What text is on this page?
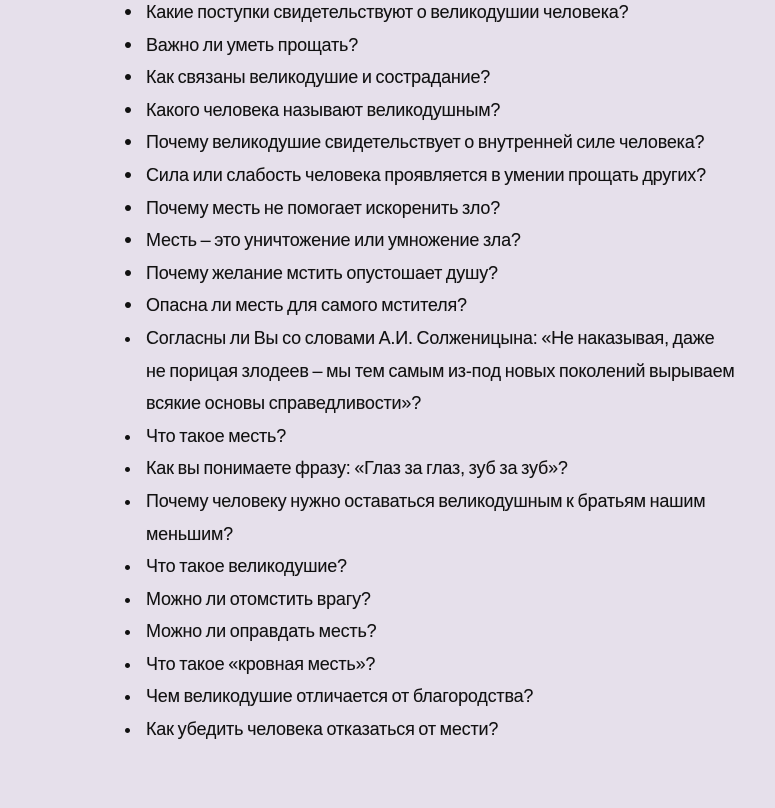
Какие поступки свидетельствуют о великодушии человека?
Важно ли уметь прощать?
Как связаны великодушие и сострадание?
Какого человека называют великодушным?
Почему великодушие свидетельствует о внутренней силе человека?
Сила или слабость человека проявляется в умении прощать других?
Почему месть не помогает искоренить зло?
Месть – это уничтожение или умножение зла?
Почему желание мстить опустошает душу?
Опасна ли месть для самого мстителя?
Согласны ли Вы со словами А.И. Солженицына: «Не наказывая, даже не порицая злодеев – мы тем самым из-под новых поколений вырываем всякие основы справедливости»?
Что такое месть?
Как вы понимаете фразу: «Глаз за глаз, зуб за зуб»?
Почему человеку нужно оставаться великодушным к братьям нашим меньшим?
Что такое великодушие?
Можно ли отомстить врагу?
Можно ли оправдать месть?
Что такое «кровная месть»?
Чем великодушие отличается от благородства?
Как убедить человека отказаться от мести?
